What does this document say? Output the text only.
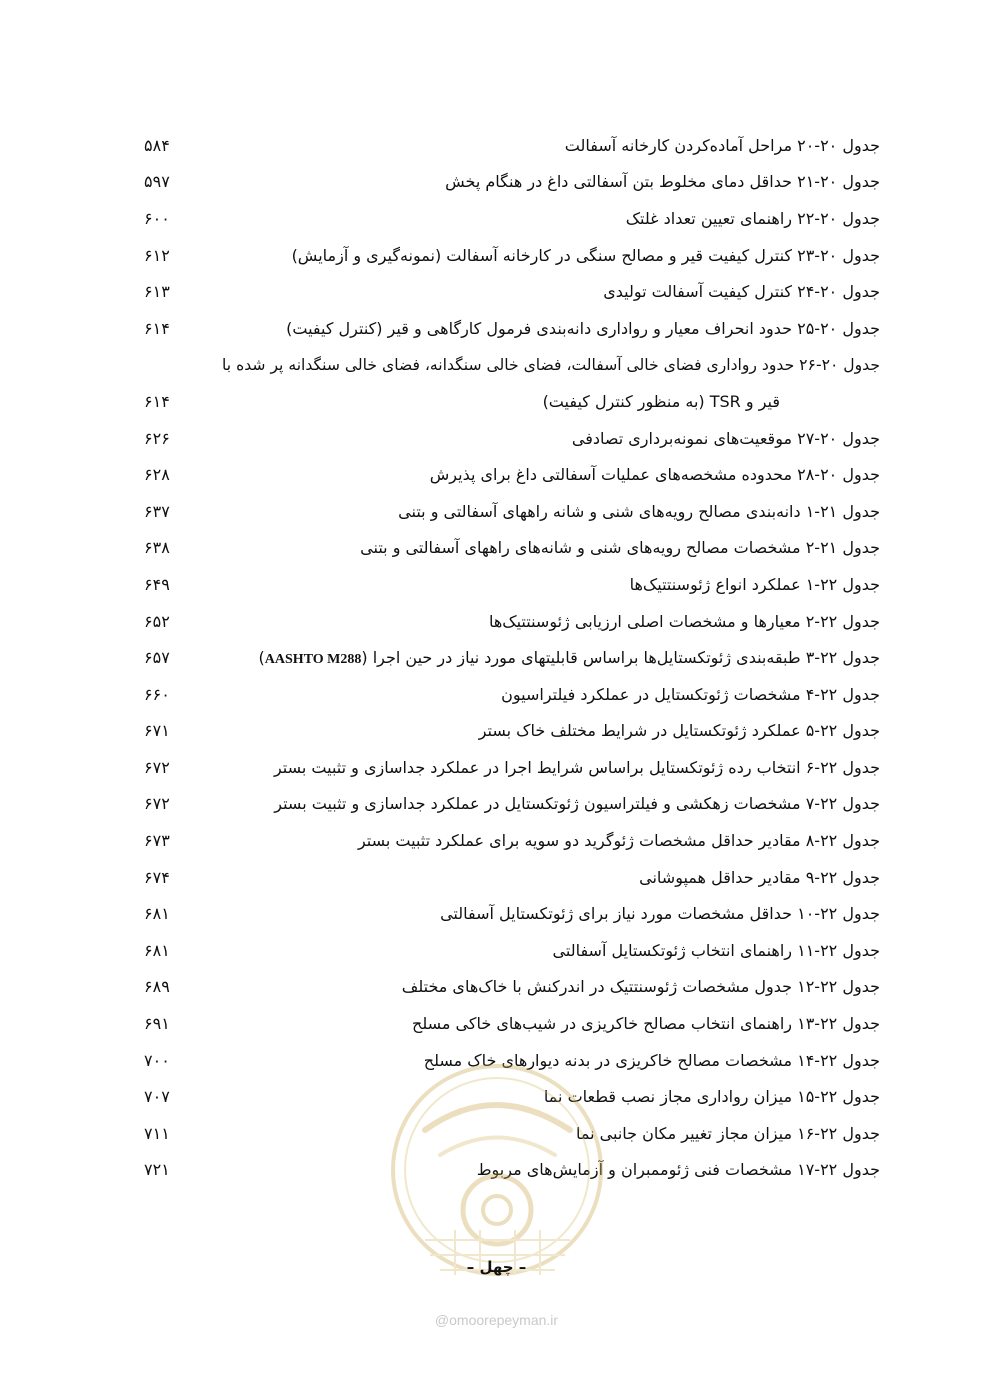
جدول ۲۰-۲۰ مراحل آماده‌کردن کارخانه آسفالت
۵۸۴
جدول ۲۰-۲۱ حداقل دمای مخلوط بتن آسفالتی داغ در هنگام پخش
۵۹۷
جدول ۲۰-۲۲ راهنمای تعیین تعداد غلتک
۶۰۰
جدول ۲۰-۲۳ کنترل کیفیت قیر و مصالح سنگی در کارخانه آسفالت (نمونه‌گیری و آزمایش)
۶۱۲
جدول ۲۰-۲۴ کنترل کیفیت آسفالت تولیدی
۶۱۳
جدول ۲۰-۲۵ حدود انحراف معیار و رواداری دانه‌بندی فرمول کارگاهی و قیر (کنترل کیفیت)
۶۱۴
جدول ۲۰-۲۶ حدود رواداری فضای خالی آسفالت، فضای خالی سنگدانه، فضای خالی سنگدانه پر شده با
قیر و TSR (به منظور کنترل کیفیت)
۶۱۴
جدول ۲۰-۲۷ موقعیت‌های نمونه‌برداری تصادفی
۶۲۶
جدول ۲۰-۲۸ محدوده مشخصه‌های عملیات آسفالتی داغ برای پذیرش
۶۲۸
جدول ۲۱-۱ دانه‌بندی مصالح رویه‌های شنی و شانه راههای آسفالتی و بتنی
۶۳۷
جدول ۲۱-۲ مشخصات مصالح رویه‌های شنی و شانه‌های راههای آسفالتی و بتنی
۶۳۸
جدول ۲۲-۱ عملکرد انواع ژئوسنتتیک‌ها
۶۴۹
جدول ۲۲-۲ معیارها و مشخصات اصلی ارزیابی ژئوسنتتیک‌ها
۶۵۲
جدول ۲۲-۳ طبقه‌بندی ژئوتکستایل‌ها براساس قابلیتهای مورد نیاز در حین اجرا (AASHTO M288)
۶۵۷
جدول ۲۲-۴ مشخصات ژئوتکستایل در عملکرد فیلتراسیون
۶۶۰
جدول ۲۲-۵ عملکرد ژئوتکستایل در شرایط مختلف خاک بستر
۶۷۱
جدول ۲۲-۶ انتخاب رده ژئوتکستایل براساس شرایط اجرا در عملکرد جداسازی و تثبیت بستر
۶۷۲
جدول ۲۲-۷ مشخصات زهکشی و فیلتراسیون ژئوتکستایل در عملکرد جداسازی و تثبیت بستر
۶۷۲
جدول ۲۲-۸ مقادیر حداقل مشخصات ژئوگرید دو سویه برای عملکرد تثبیت بستر
۶۷۳
جدول ۲۲-۹ مقادیر حداقل همپوشانی
۶۷۴
جدول ۲۲-۱۰ حداقل مشخصات مورد نیاز برای ژئوتکستایل آسفالتی
۶۸۱
جدول ۲۲-۱۱ راهنمای انتخاب ژئوتکستایل آسفالتی
۶۸۱
جدول ۲۲-۱۲ جدول مشخصات ژئوسنتتیک در اندرکنش با خاک‌های مختلف
۶۸۹
جدول ۲۲-۱۳ راهنمای انتخاب مصالح خاکریزی در شیب‌های خاکی مسلح
۶۹۱
جدول ۲۲-۱۴ مشخصات مصالح خاکریزی در بدنه دیوارهای خاک مسلح
۷۰۰
جدول ۲۲-۱۵ میزان رواداری مجاز نصب قطعات نما
۷۰۷
جدول ۲۲-۱۶ میزان مجاز تغییر مکان جانبی نما
۷۱۱
جدول ۲۲-۱۷ مشخصات فنی ژئوممبران و آزمایش‌های مربوط
۷۲۱
– چهل –
@omoorepeyman.ir
